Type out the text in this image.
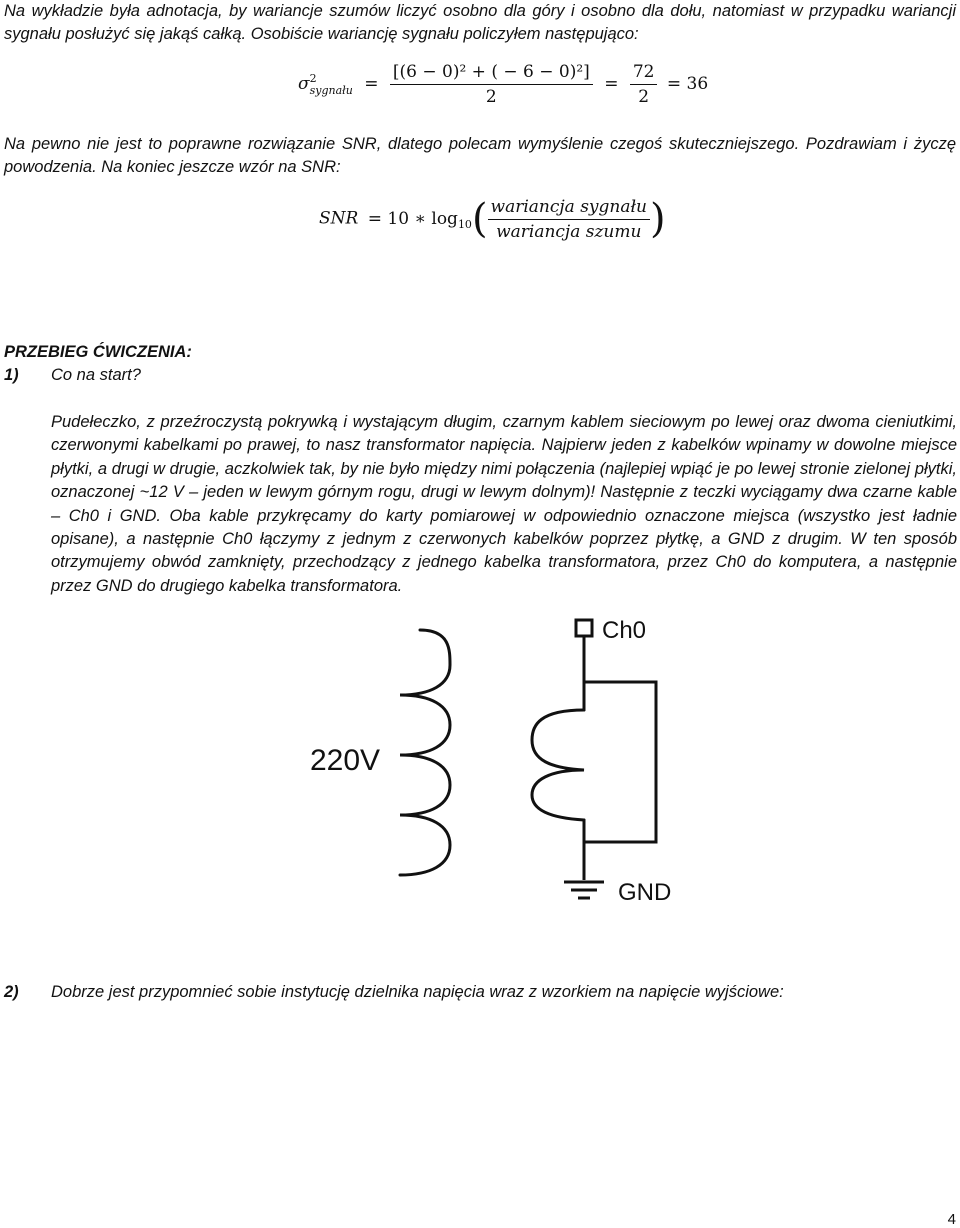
Na wykładzie była adnotacja, by wariancje szumów liczyć osobno dla góry i osobno dla dołu, natomiast w przypadku wariancji sygnału posłużyć się jakąś całką. Osobiście wariancję sygnału policzyłem następująco:
σ 2
sygnału = $\frac{\text{[(6 − 0)² + ( − 6 − 0)²]}}{2} = \frac{72}{2} = 36$
Na pewno nie jest to poprawne rozwiązanie SNR, dlatego polecam wymyślenie czegoś skuteczniejszego. Pozdrawiam i życzę powodzenia. Na koniec jeszcze wzór na SNR:
SNR = 10 ∗ $\log_{10}( \frac{\text{wariancja sygnału}}{\text{wariancja szumu}}$ )
PRZEBIEG ĆWICZENIA:
1) Co na start?
Pudełeczko, z przeźroczystą pokrywką i wystającym długim, czarnym kablem sieciowym po lewej oraz dwoma cieniutkimi, czerwonymi kabelkami po prawej, to nasz transformator napięcia. Najpierw jeden z kabelków wpinamy w dowolne miejsce płytki, a drugi w drugie, aczkolwiek tak, by nie było między nimi połączenia (najlepiej wpiąć je po lewej stronie zielonej płytki, oznaczonej ~12 V – jeden w lewym górnym rogu, drugi w lewym dolnym)! Następnie z teczki wyciągamy dwa czarne kable – Ch0 i GND. Oba kable przykręcamy do karty pomiarowej w odpowiednio oznaczone miejsca (wszystko jest ładnie opisane), a następnie Ch0 łączymy z jednym z czerwonych kabelków poprzez płytkę, a GND z drugim. W ten sposób otrzymujemy obwód zamknięty, przechodzący z jednego kabelka transformatora, przez Ch0 do komputera, a następnie przez GND do drugiego kabelka transformatora.
220V
Ch0
GND
2) Dobrze jest przypomnieć sobie instytucję dzielnika napięcia wraz z wzorkiem na napięcie wyjściowe:
4
